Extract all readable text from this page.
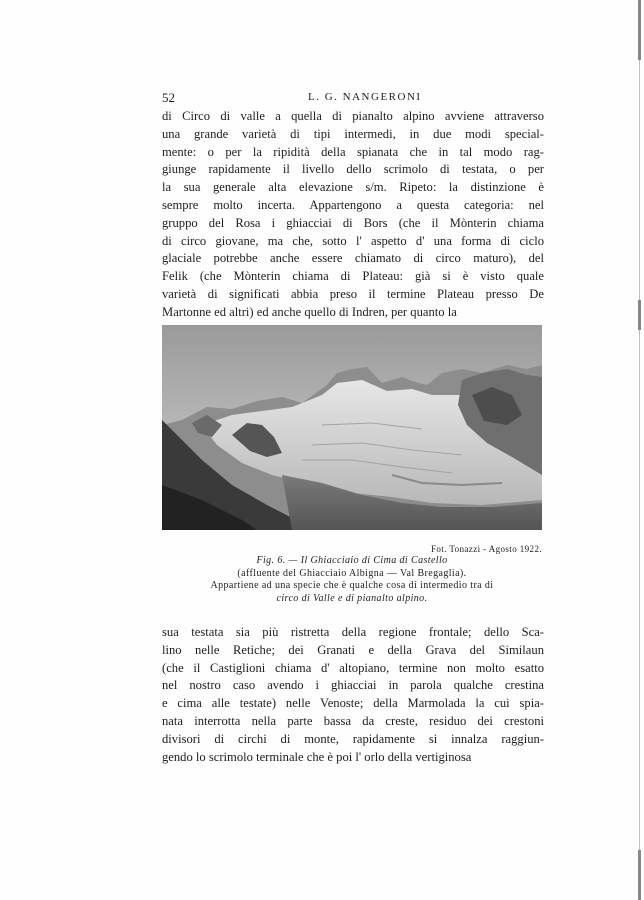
52	L. G. NANGERONI
di Circo di valle a quella di pianalto alpino avviene attraverso
una grande varietà di tipi intermedi, in due modi special-
mente: o per la ripidità della spianata che in tal modo rag-
giunge rapidamente il livello dello scrimolo di testata, o per
la sua generale alta elevazione s/m. Ripeto: la distinzione è
sempre molto incerta. Appartengono a questa categoria: nel
gruppo del Rosa i ghiacciai di Bors (che il Mònterin chiama
di circo giovane, ma che, sotto l' aspetto d' una forma di ciclo
glaciale potrebbe anche essere chiamato di circo maturo), del
Felik (che Mònterin chiama di Plateau: già si è visto quale
varietà di significati abbia preso il termine Plateau presso De
Martonne ed altri) ed anche quello di Indren, per quanto la
Fot. Tonazzi - Agosto 1922.
Fig. 6. — Il Ghiacciaio di Cima di Castello
(affluente del Ghiacciaio Albigna — Val Bregaglia).
Appartiene ad una specie che è qualche cosa di intermedio tra di
circo di Valle e di pianalto alpino.
sua testata sia più ristretta della regione frontale; dello Sca-
lino nelle Retiche; dei Granati e della Grava del Similaun
(che il Castiglioni chiama d' altopiano, termine non molto esatto
nel nostro caso avendo i ghiacciai in parola qualche crestina
e cima alle testate) nelle Venoste; della Marmolada la cui spia-
nata interrotta nella parte bassa da creste, residuo dei crestoni
divisori di circhi di monte, rapidamente si innalza raggiun-
gendo lo scrimolo terminale che è poi l' orlo della vertiginosa
